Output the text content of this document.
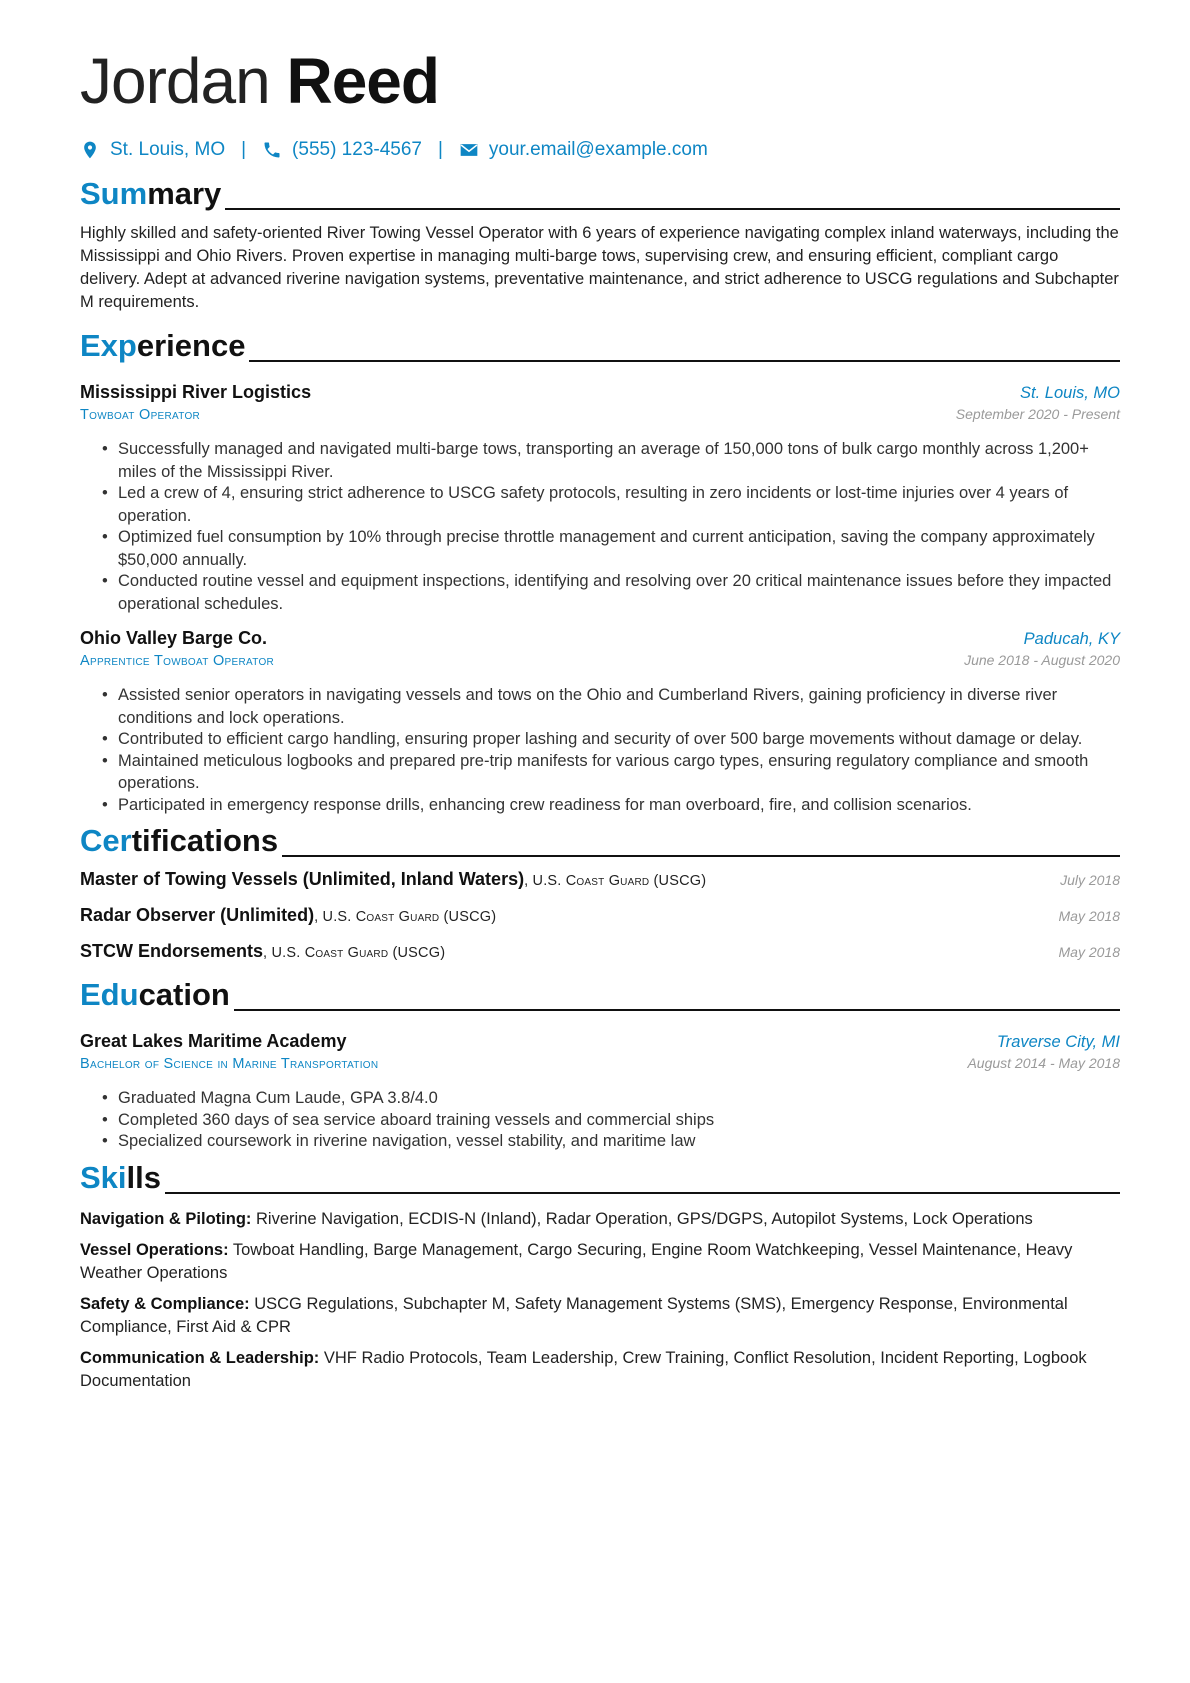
Jordan Reed
St. Louis, MO | (555) 123-4567 | your.email@example.com
Summary

Highly skilled and safety-oriented River Towing Vessel Operator with 6 years of experience navigating complex inland waterways, including the Mississippi and Ohio Rivers. Proven expertise in managing multi-barge tows, supervising crew, and ensuring efficient, compliant cargo delivery. Adept at advanced riverine navigation systems, preventative maintenance, and strict adherence to USCG regulations and Subchapter M requirements.

Experience
Mississippi River Logistics	St. Louis, MO
Towboat Operator	September 2020 - Present
• Successfully managed and navigated multi-barge tows, transporting an average of 150,000 tons of bulk cargo monthly across 1,200+ miles of the Mississippi River.
• Led a crew of 4, ensuring strict adherence to USCG safety protocols, resulting in zero incidents or lost-time injuries over 4 years of operation.
• Optimized fuel consumption by 10% through precise throttle management and current anticipation, saving the company approximately $50,000 annually.
• Conducted routine vessel and equipment inspections, identifying and resolving over 20 critical maintenance issues before they impacted operational schedules.
Ohio Valley Barge Co.	Paducah, KY
Apprentice Towboat Operator	June 2018 - August 2020
• Assisted senior operators in navigating vessels and tows on the Ohio and Cumberland Rivers, gaining proficiency in diverse river conditions and lock operations.
• Contributed to efficient cargo handling, ensuring proper lashing and security of over 500 barge movements without damage or delay.
• Maintained meticulous logbooks and prepared pre-trip manifests for various cargo types, ensuring regulatory compliance and smooth operations.
• Participated in emergency response drills, enhancing crew readiness for man overboard, fire, and collision scenarios.
Certifications
Master of Towing Vessels (Unlimited, Inland Waters), U.S. Coast Guard (USCG)	July 2018
Radar Observer (Unlimited), U.S. Coast Guard (USCG)	May 2018
STCW Endorsements, U.S. Coast Guard (USCG)	May 2018
Education
Great Lakes Maritime Academy	Traverse City, MI
Bachelor of Science in Marine Transportation	August 2014 - May 2018
• Graduated Magna Cum Laude, GPA 3.8/4.0
• Completed 360 days of sea service aboard training vessels and commercial ships
• Specialized coursework in riverine navigation, vessel stability, and maritime law
Skills
Navigation & Piloting: Riverine Navigation, ECDIS-N (Inland), Radar Operation, GPS/DGPS, Autopilot Systems, Lock Operations
Vessel Operations: Towboat Handling, Barge Management, Cargo Securing, Engine Room Watchkeeping, Vessel Maintenance, Heavy Weather Operations
Safety & Compliance: USCG Regulations, Subchapter M, Safety Management Systems (SMS), Emergency Response, Environmental Compliance, First Aid & CPR
Communication & Leadership: VHF Radio Protocols, Team Leadership, Crew Training, Conflict Resolution, Incident Reporting, Logbook Documentation
